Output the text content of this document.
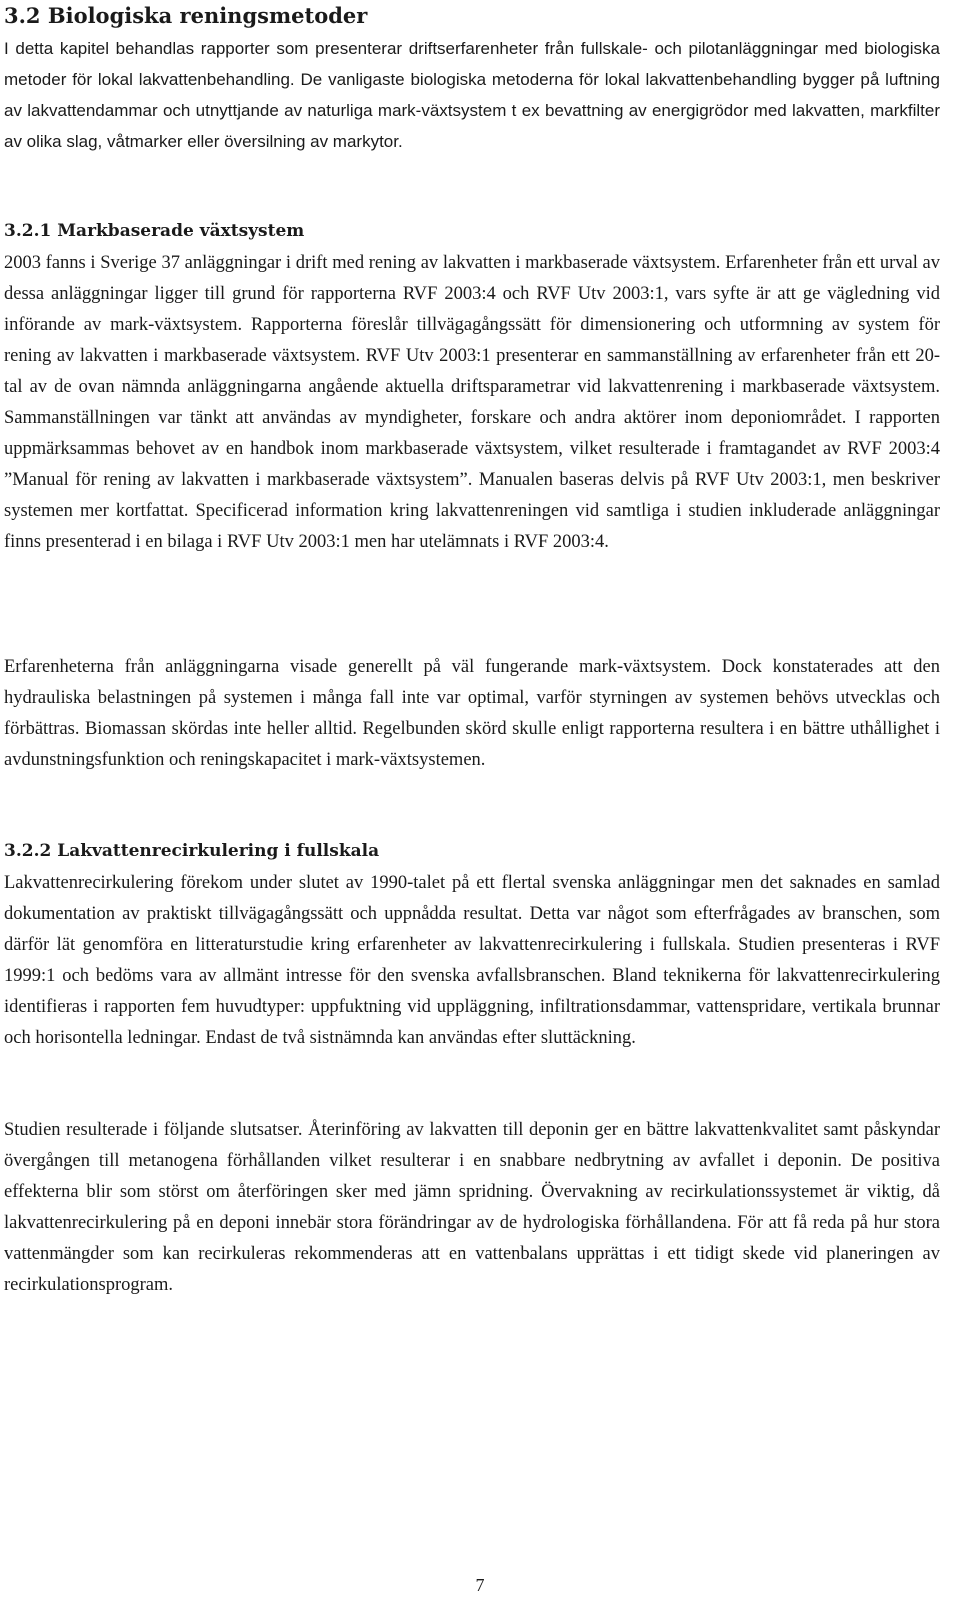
3.2 Biologiska reningsmetoder

I detta kapitel behandlas rapporter som presenterar driftserfarenheter från fullskale- och pilotanläggningar med biologiska metoder för lokal lakvattenbehandling. De vanligaste biologiska metoderna för lokal lakvattenbehandling bygger på luftning av lakvattendammar och utnyttjande av naturliga mark-växtsystem t ex bevattning av energigrödor med lakvatten, markfilter av olika slag, våtmarker eller översilning av markytor.

3.2.1 Markbaserade växtsystem

2003 fanns i Sverige 37 anläggningar i drift med rening av lakvatten i markbaserade växtsystem. Erfarenheter från ett urval av dessa anläggningar ligger till grund för rapporterna RVF 2003:4 och RVF Utv 2003:1, vars syfte är att ge vägledning vid införande av mark-växtsystem. Rapporterna föreslår tillvägagångssätt för dimensionering och utformning av system för rening av lakvatten i markbaserade växtsystem. RVF Utv 2003:1 presenterar en sammanställning av erfarenheter från ett 20-tal av de ovan nämnda anläggningarna angående aktuella driftsparametrar vid lakvattenrening i markbaserade växtsystem. Sammanställningen var tänkt att användas av myndigheter, forskare och andra aktörer inom deponiområdet. I rapporten uppmärksammas behovet av en handbok inom markbaserade växtsystem, vilket resulterade i framtagandet av RVF 2003:4 ”Manual för rening av lakvatten i markbaserade växtsystem”. Manualen baseras delvis på RVF Utv 2003:1, men beskriver systemen mer kortfattat. Specificerad information kring lakvattenreningen vid samtliga i studien inkluderade anläggningar finns presenterad i en bilaga i RVF Utv 2003:1 men har utelämnats i RVF 2003:4.

Erfarenheterna från anläggningarna visade generellt på väl fungerande mark-växtsystem. Dock konstaterades att den hydrauliska belastningen på systemen i många fall inte var optimal, varför styrningen av systemen behövs utvecklas och förbättras. Biomassan skördas inte heller alltid. Regelbunden skörd skulle enligt rapporterna resultera i en bättre uthållighet i avdunstningsfunktion och reningskapacitet i mark-växtsystemen.

3.2.2 Lakvattenrecirkulering i fullskala

Lakvattenrecirkulering förekom under slutet av 1990-talet på ett flertal svenska anläggningar men det saknades en samlad dokumentation av praktiskt tillvägagångssätt och uppnådda resultat. Detta var något som efterfrågades av branschen, som därför lät genomföra en litteraturstudie kring erfarenheter av lakvattenrecirkulering i fullskala. Studien presenteras i RVF 1999:1 och bedöms vara av allmänt intresse för den svenska avfallsbranschen. Bland teknikerna för lakvattenrecirkulering identifieras i rapporten fem huvudtyper: uppfuktning vid uppläggning, infiltrationsdammar, vattenspridare, vertikala brunnar och horisontella ledningar. Endast de två sistnämnda kan användas efter sluttäckning.

Studien resulterade i följande slutsatser. Återinföring av lakvatten till deponin ger en bättre lakvattenkvalitet samt påskyndar övergången till metanogena förhållanden vilket resulterar i en snabbare nedbrytning av avfallet i deponin. De positiva effekterna blir som störst om återföringen sker med jämn spridning. Övervakning av recirkulationssystemet är viktig, då lakvattenrecirkulering på en deponi innebär stora förändringar av de hydrologiska förhållandena. För att få reda på hur stora vattenmängder som kan recirkuleras rekommenderas att en vattenbalans upprättas i ett tidigt skede vid planeringen av recirkulationsprogram.

7
